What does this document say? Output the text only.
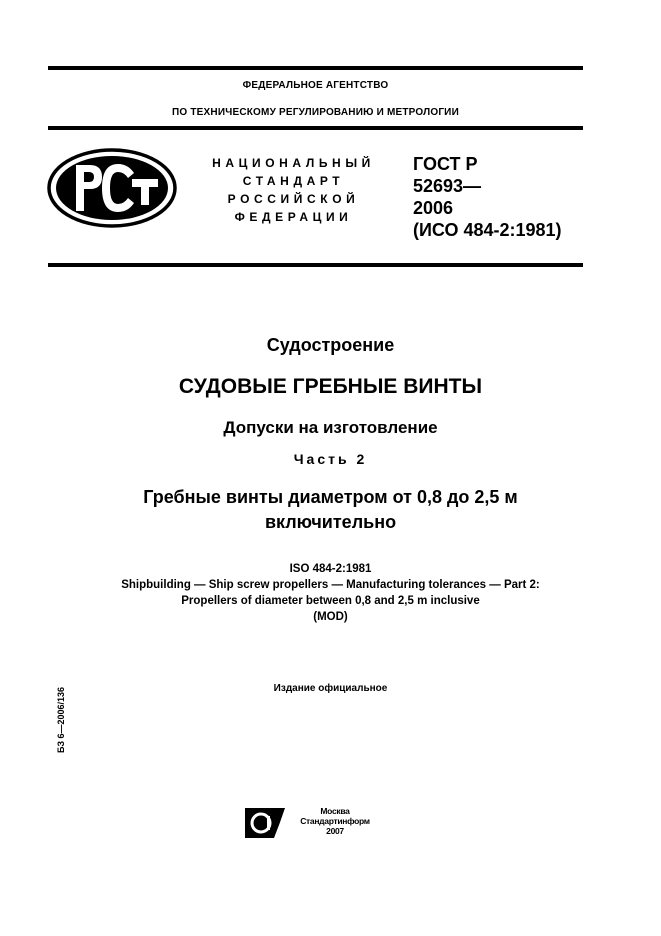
ФЕДЕРАЛЬНОЕ АГЕНТСТВО
ПО ТЕХНИЧЕСКОМУ РЕГУЛИРОВАНИЮ И МЕТРОЛОГИИ
НАЦИОНАЛЬНЫЙ
СТАНДАРТ
РОССИЙСКОЙ
ФЕДЕРАЦИИ
ГОСТ Р
52693—
2006
(ИСО 484-2:1981)
Судостроение
СУДОВЫЕ ГРЕБНЫЕ ВИНТЫ
Допуски на изготовление
Часть 2
Гребные винты диаметром от 0,8 до 2,5 м
включительно
ISO 484-2:1981
Shipbuilding — Ship screw propellers — Manufacturing tolerances — Part 2:
Propellers of diameter between 0,8 and 2,5 m inclusive
(MOD)
Издание официальное
БЗ 6—2006/136
Москва
Стандартинформ
2007
